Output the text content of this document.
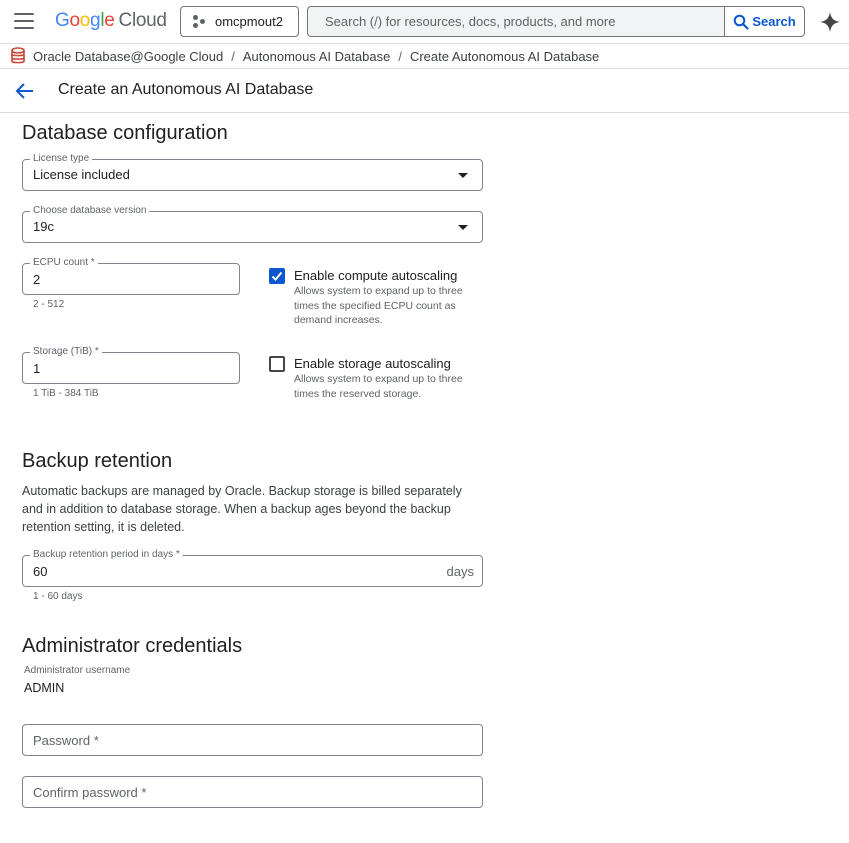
Google Cloud	omcpmout2	Search (/) for resources, docs, products, and more	Search
Oracle Database@Google Cloud / Autonomous AI Database / Create Autonomous AI Database
Create an Autonomous AI Database
Database configuration
License type
License included
Choose database version
19c
ECPU count *
2
2 - 512
Enable compute autoscaling
Allows system to expand up to three times the specified ECPU count as demand increases.
Storage (TiB) *
1
1 TiB - 384 TiB
Enable storage autoscaling
Allows system to expand up to three times the reserved storage.
Backup retention
Automatic backups are managed by Oracle. Backup storage is billed separately and in addition to database storage. When a backup ages beyond the backup retention setting, it is deleted.
Backup retention period in days *
60	days
1 - 60 days
Administrator credentials
Administrator username
ADMIN
Password *
Confirm password *
